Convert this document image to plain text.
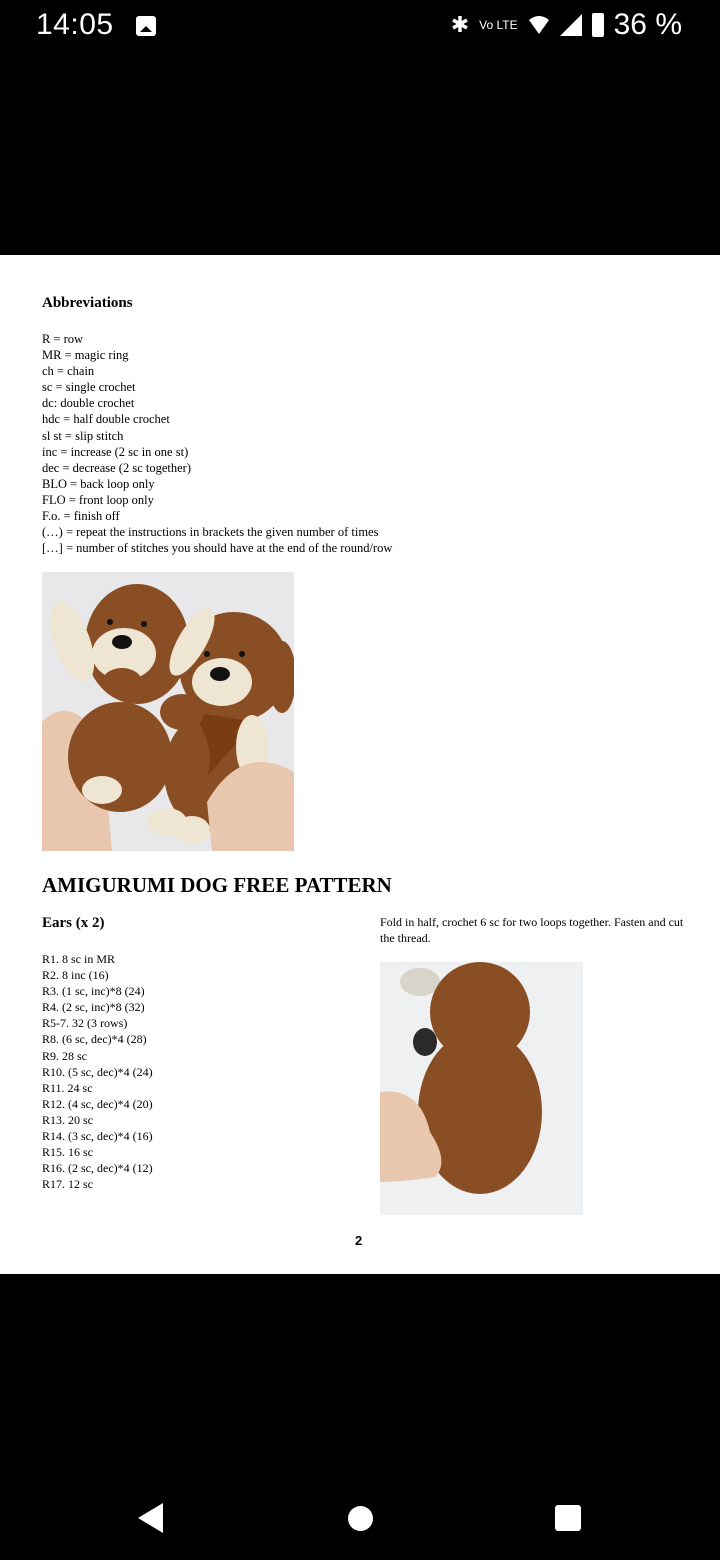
14:05	✱ Vo LTE	36 %
Abbreviations
R = row
MR = magic ring
ch = chain
sc = single crochet
dc: double crochet
hdc = half double crochet
sl st = slip stitch
inc = increase (2 sc in one st)
dec = decrease (2 sc together)
BLO = back loop only
FLO = front loop only
F.o. = finish off
(…) = repeat the instructions in brackets the given number of times
[…] = number of stitches you should have at the end of the round/row
AMIGURUMI DOG FREE PATTERN
Ears (x 2)
R1. 8 sc in MR
R2. 8 inc (16)
R3. (1 sc, inc)*8 (24)
R4. (2 sc, inc)*8 (32)
R5-7. 32 (3 rows)
R8. (6 sc, dec)*4 (28)
R9. 28 sc
R10. (5 sc, dec)*4 (24)
R11. 24 sc
R12. (4 sc, dec)*4 (20)
R13. 20 sc
R14. (3 sc, dec)*4 (16)
R15. 16 sc
R16. (2 sc, dec)*4 (12)
R17. 12 sc
Fold in half, crochet 6 sc for two loops together. Fasten and cut the thread.
2
